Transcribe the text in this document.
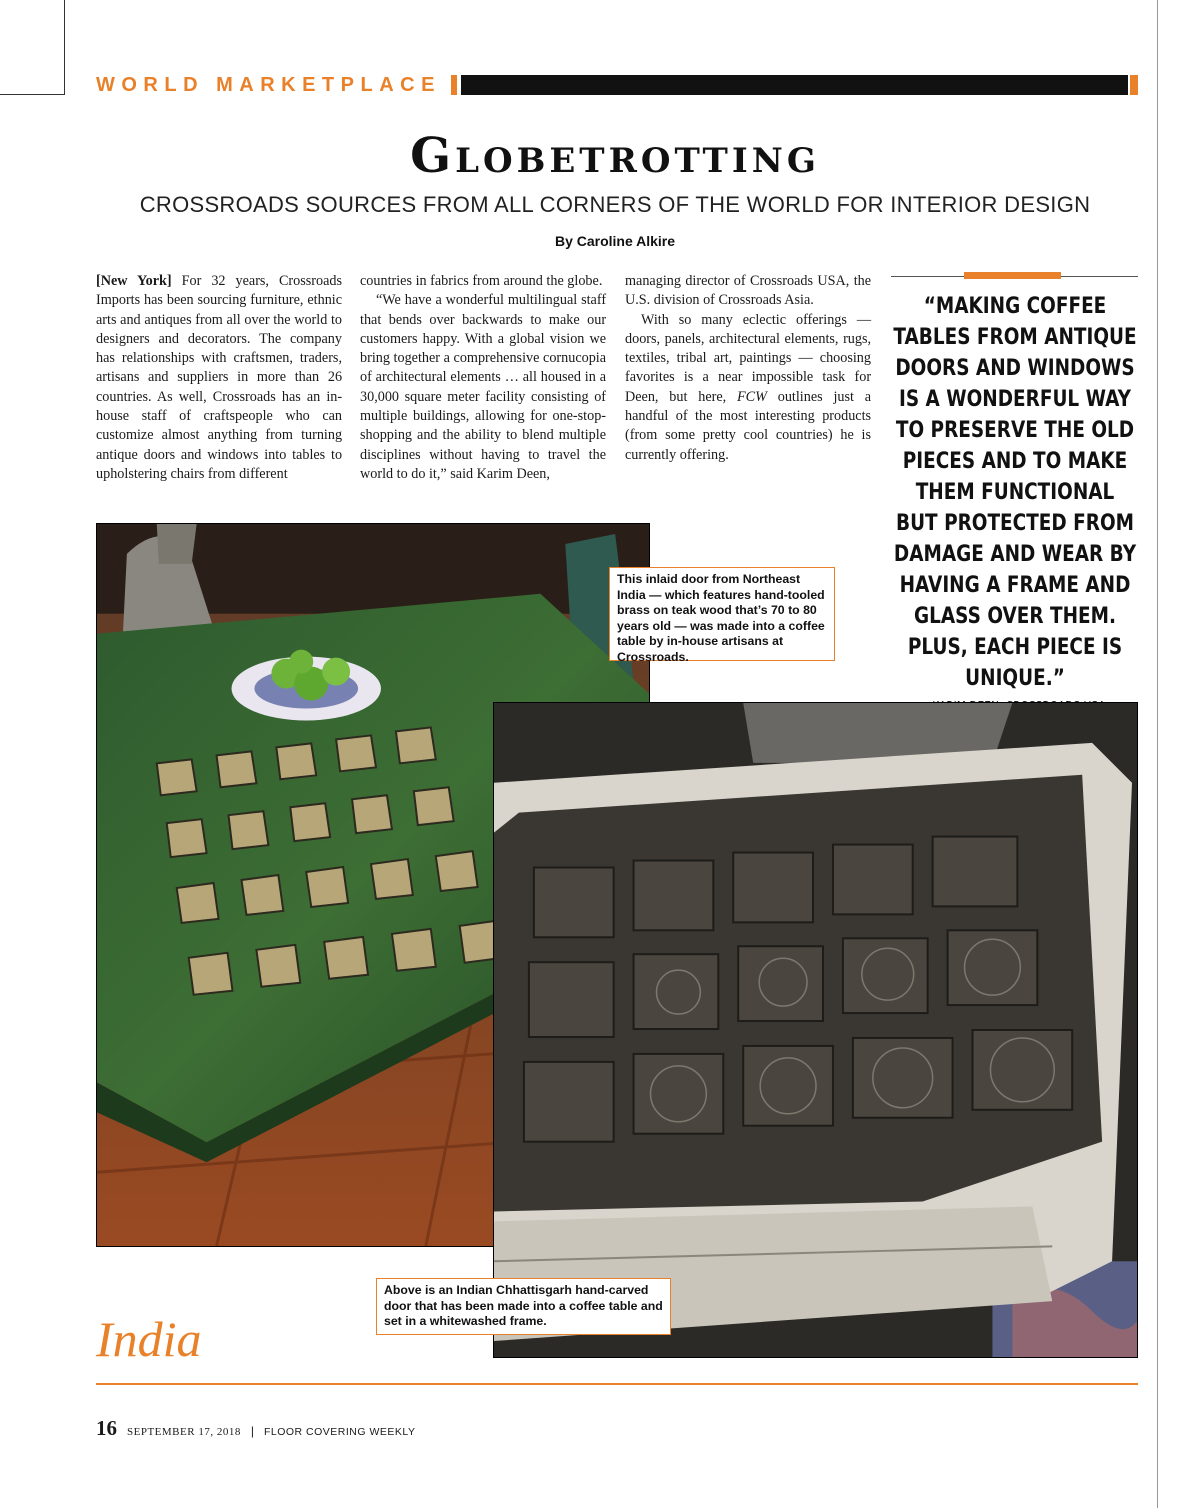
WORLD MARKETPLACE
Globetrotting
CROSSROADS SOURCES FROM ALL CORNERS OF THE WORLD FOR INTERIOR DESIGN
By Caroline Alkire

[New York] For 32 years, Crossroads Imports has been sourcing furniture, ethnic arts and antiques from all over the world to designers and decorators. The company has relationships with craftsmen, traders, artisans and suppliers in more than 26 countries. As well, Crossroads has an in-house staff of craftspeople who can customize almost anything from turning antique doors and windows into tables to upholstering chairs from different

countries in fabrics from around the globe.

“We have a wonderful multilingual staff that bends over backwards to make our customers happy. With a global vision we bring together a comprehensive cornucopia of architectural elements … all housed in a 30,000 square meter facility consisting of multiple buildings, allowing for one-stop-shopping and the ability to blend multiple disciplines without having to travel the world to do it,” said Karim Deen,

managing director of Crossroads USA, the U.S. division of Crossroads Asia.

With so many eclectic offerings — doors, panels, architectural elements, rugs, textiles, tribal art, paintings — choosing favorites is a near impossible task for Deen, but here, FCW outlines just a handful of the most interesting products (from some pretty cool countries) he is currently offering.

“MAKING COFFEE TABLES FROM ANTIQUE DOORS AND WINDOWS IS A WONDERFUL WAY TO PRESERVE THE OLD PIECES AND TO MAKE THEM FUNCTIONAL BUT PROTECTED FROM DAMAGE AND WEAR BY HAVING A FRAME AND GLASS OVER THEM. PLUS, EACH PIECE IS UNIQUE.”
This inlaid door from Northeast India — which features hand-tooled brass on teak wood that’s 70 to 80 years old — was made into a coffee table by in-house artisans at Crossroads.
Above is an Indian Chhattisgarh hand-carved door that has been made into a coffee table and set in a whitewashed frame.
India
16 SEPTEMBER 17, 2018 | FLOOR COVERING WEEKLY
